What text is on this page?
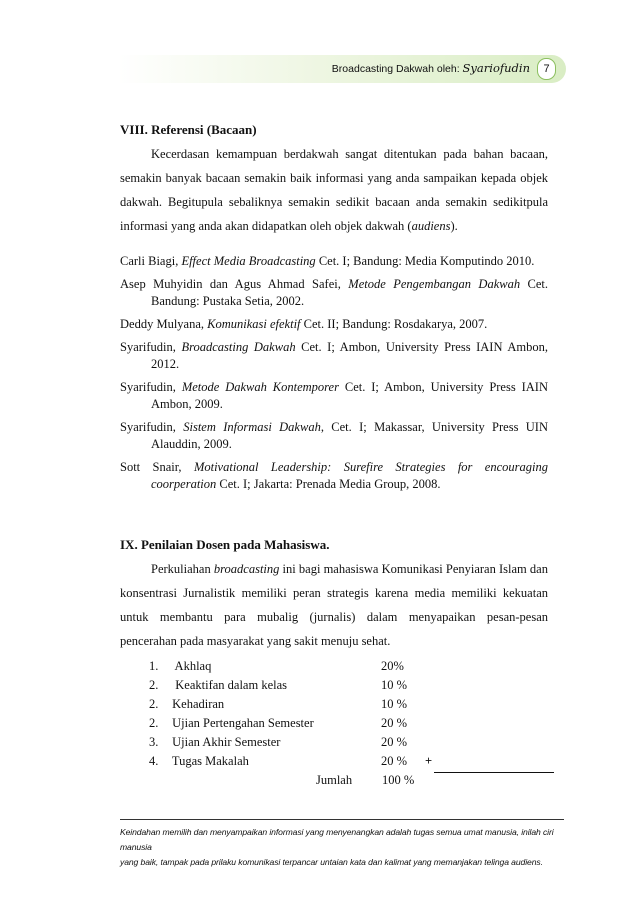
Broadcasting Dakwah oleh: Syariofudin	7

VIII. Referensi (Bacaan)

Kecerdasan kemampuan berdakwah sangat ditentukan pada bahan bacaan, semakin banyak bacaan semakin baik informasi yang anda sampaikan kepada objek dakwah. Begitupula sebaliknya semakin sedikit bacaan anda semakin sedikitpula informasi yang anda akan didapatkan oleh objek dakwah (audiens).

Carli Biagi, Effect Media Broadcasting Cet. I; Bandung: Media Komputindo 2010.

Asep Muhyidin dan Agus Ahmad Safei, Metode Pengembangan Dakwah Cet. Bandung: Pustaka Setia, 2002.

Deddy Mulyana, Komunikasi efektif Cet. II; Bandung: Rosdakarya, 2007.

Syarifudin, Broadcasting Dakwah Cet. I; Ambon, University Press IAIN Ambon, 2012.

Syarifudin, Metode Dakwah Kontemporer Cet. I; Ambon, University Press IAIN Ambon, 2009.

Syarifudin, Sistem Informasi Dakwah, Cet. I; Makassar, University Press UIN Alauddin, 2009.

Sott Snair, Motivational Leadership: Surefire Strategies for encouraging coorperation Cet. I; Jakarta: Prenada Media Group, 2008.

IX. Penilaian Dosen pada Mahasiswa.

Perkuliahan broadcasting ini bagi mahasiswa Komunikasi Penyiaran Islam dan konsentrasi Jurnalistik memiliki peran strategis karena media memiliki kekuatan untuk membantu para mubalig (jurnalis) dalam menyapaikan pesan-pesan pencerahan pada masyarakat yang sakit menuju sehat.

1.	Akhlaq	20%	
2.	Keaktifan dalam kelas	10 %	
2.	Kehadiran	10 %	
2.	Ujian Pertengahan Semester	20 %	
3.	Ujian Akhir Semester	20 %	
4.	Tugas Makalah	20 %	+
Jumlah 100 %
Keindahan memilih dan menyampaikan informasi yang menyenangkan adalah tugas semua umat manusia, inilah ciri manusia
yang baik, tampak pada prilaku komunikasi terpancar untaian kata dan kalimat yang memanjakan telinga audiens.
